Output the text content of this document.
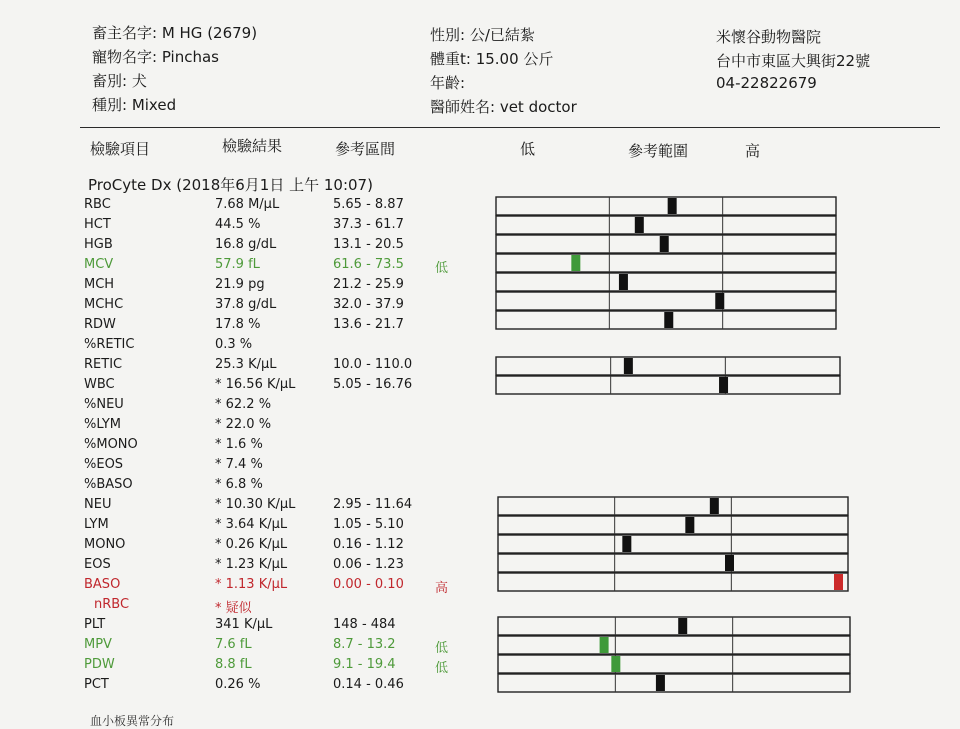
畜主名字: M HG (2679)
寵物名字: Pinchas
畜別: 犬
種別: Mixed
性別: 公/已結紮
體重t: 15.00 公斤
年齡:
醫師姓名: vet doctor
米懷谷動物醫院
台中市東區大興街22號
04-22822679
檢驗項目	檢驗結果	參考區間	低	參考範圍	高
ProCyte Dx (2018年6月1日 上午 10:07)
RBC	7.68 M/µL	5.65 - 8.87
HCT	44.5 %	37.3 - 61.7
HGB	16.8 g/dL	13.1 - 20.5
MCV	57.9 fL	61.6 - 73.5 低
MCH	21.9 pg	21.2 - 25.9
MCHC	37.8 g/dL	32.0 - 37.9
RDW	17.8 %	13.6 - 21.7
%RETIC	0.3 %
RETIC	25.3 K/µL	10.0 - 110.0
WBC	* 16.56 K/µL	5.05 - 16.76
%NEU	* 62.2 %
%LYM	* 22.0 %
%MONO	* 1.6 %
%EOS	* 7.4 %
%BASO	* 6.8 %
NEU	* 10.30 K/µL	2.95 - 11.64
LYM	* 3.64 K/µL	1.05 - 5.10
MONO	* 0.26 K/µL	0.16 - 1.12
EOS	* 1.23 K/µL	0.06 - 1.23
BASO	* 1.13 K/µL	0.00 - 0.10 高
nRBC	* 疑似
PLT	341 K/µL	148 - 484
MPV	7.6 fL	8.7 - 13.2	低
PDW	8.8 fL	9.1 - 19.4	低
PCT	0.26 %	0.14 - 0.46
血小板異常分布
